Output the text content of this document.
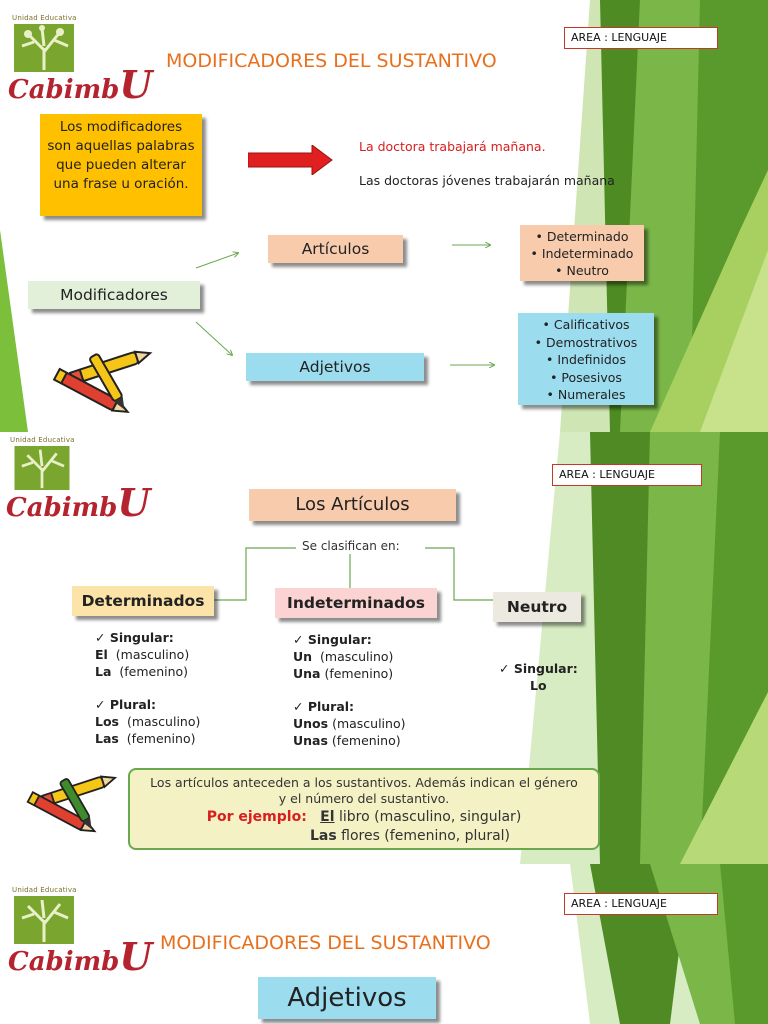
Unidad Educativa
CabimbU
AREA : LENGUAJE
MODIFICADORES DEL SUSTANTIVO
Los modificadores son aquellas palabras que pueden alterar una frase u oración.
La doctora trabajará mañana.
Las doctoras jóvenes trabajarán mañana
Modificadores
Artículos
Adjetivos
• Determinado
• Indeterminado
• Neutro
• Calificativos
• Demostrativos
• Indefinidos
• Posesivos
• Numerales
Unidad Educativa
CabimbU
AREA : LENGUAJE
Los Artículos
Se clasifican en:
Determinados	Indeterminados	Neutro
✓ Singular:
El (masculino)
La (femenino)
✓ Plural:
Los (masculino)
Las (femenino)
✓ Singular:
Un (masculino)
Una (femenino)
✓ Plural:
Unos (masculino)
Unas (femenino)
✓ Singular:
Lo
Los artículos anteceden a los sustantivos. Además indican el género
y el número del sustantivo.
Por ejemplo: El libro (masculino, singular)
Las flores (femenino, plural)
Unidad Educativa
CabimbU
AREA : LENGUAJE
MODIFICADORES DEL SUSTANTIVO
Adjetivos
